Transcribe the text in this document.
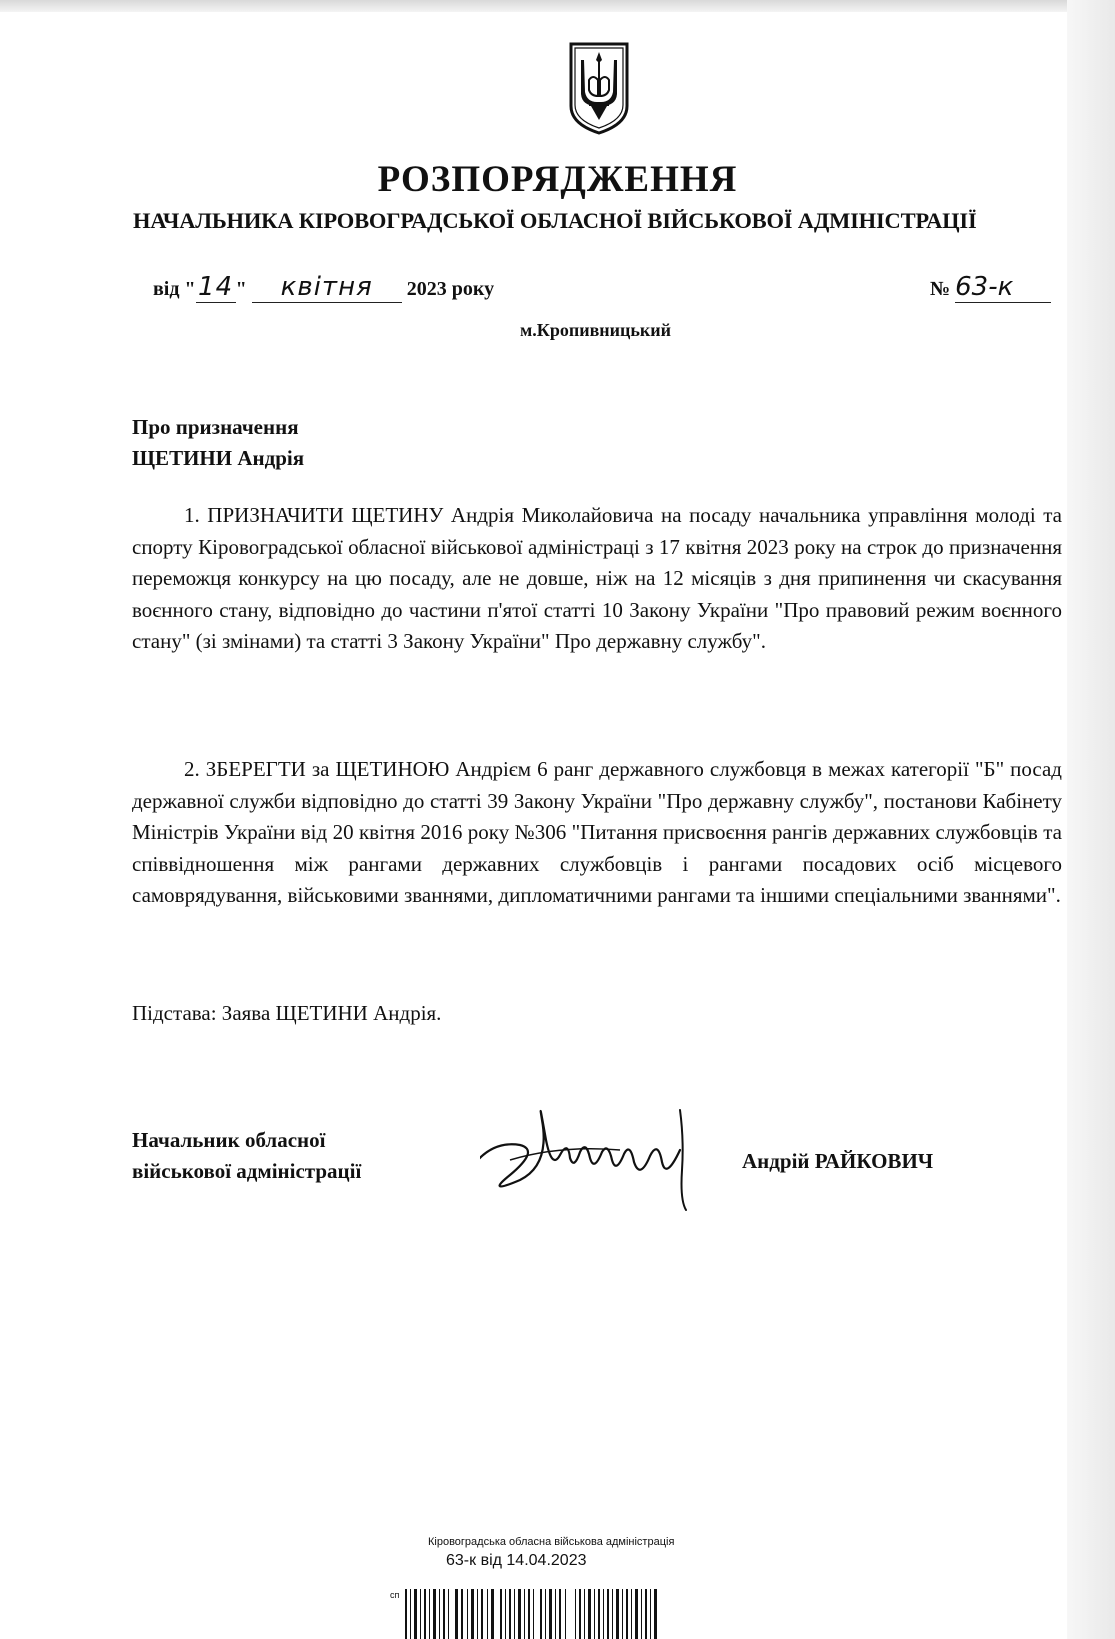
РОЗПОРЯДЖЕННЯ
НАЧАЛЬНИКА КІРОВОГРАДСЬКОЇ ОБЛАСНОЇ ВІЙСЬКОВОЇ АДМІНІСТРАЦІЇ
від "14 " квітня 2023 року	№ 63-к
м.Кропивницький
Про призначення
ЩЕТИНИ Андрія
1. ПРИЗНАЧИТИ ЩЕТИНУ Андрія Миколайовича на посаду начальника управління молоді та спорту Кіровоградської обласної військової адміністраці з 17 квітня 2023 року на строк до призначення переможця конкурсу на цю посаду, але не довше, ніж на 12 місяців з дня припинення чи скасування воєнного стану, відповідно до частини п'ятої статті 10 Закону України "Про правовий режим воєнного стану" (зі змінами) та статті 3 Закону України" Про державну службу".
2. ЗБЕРЕГТИ за ЩЕТИНОЮ Андрієм 6 ранг державного службовця в межах категорії "Б" посад державної служби відповідно до статті 39 Закону України "Про державну службу", постанови Кабінету Міністрів України від 20 квітня 2016 року №306 "Питання присвоєння рангів державних службовців та співвідношення між рангами державних службовців і рангами посадових осіб місцевого самоврядування, військовими званнями, дипломатичними рангами та іншими спеціальними званнями".
Підстава: Заява ЩЕТИНИ Андрія.
Начальник обласної
військової адміністрації	Андрій РАЙКОВИЧ
Кіровоградська обласна військова адміністрація
63-к від 14.04.2023
сп
